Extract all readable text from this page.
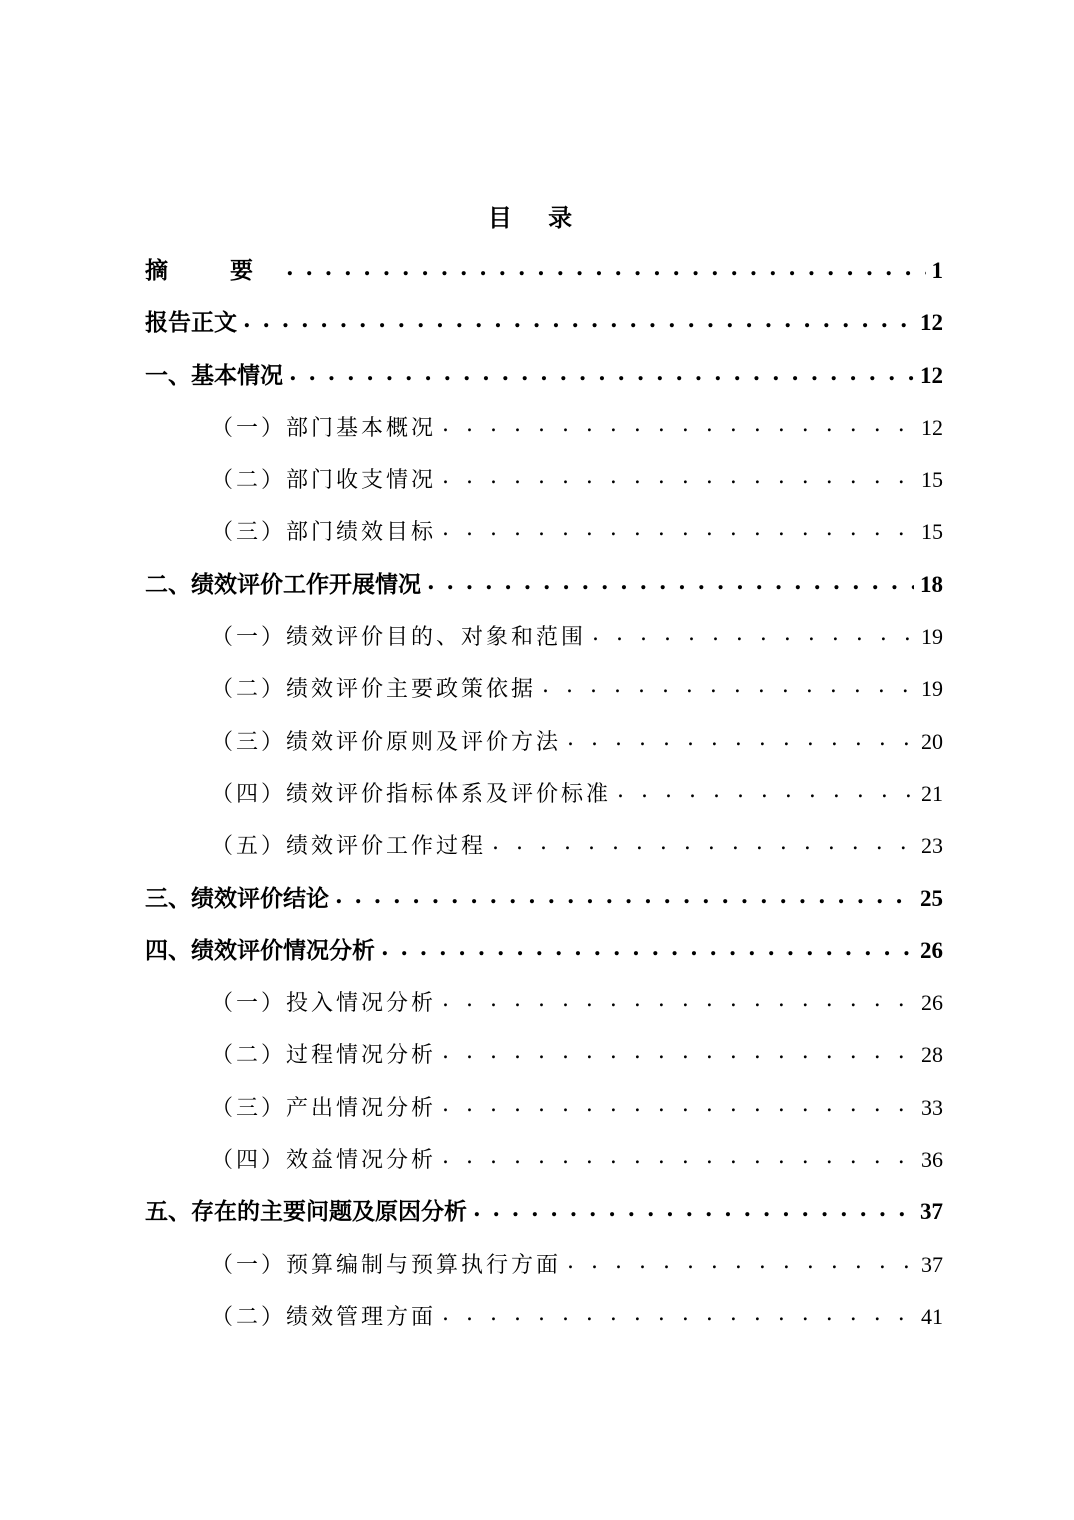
目 录
摘 要 . . .	1
报告正文 . . .	12
一、基本情况 . . .	12
（一）部门基本概况 . . .	12
（二）部门收支情况 . . .	15
（三）部门绩效目标 . . .	15
二、绩效评价工作开展情况 . . .	18
（一）绩效评价目的、对象和范围 . . .	19
（二）绩效评价主要政策依据 . . .	19
（三）绩效评价原则及评价方法 . . .	20
（四）绩效评价指标体系及评价标准 . . .	21
（五）绩效评价工作过程 . . .	23
三、绩效评价结论 . . .	25
四、绩效评价情况分析 . . .	26
（一）投入情况分析 . . .	26
（二）过程情况分析 . . .	28
（三）产出情况分析 . . .	33
（四）效益情况分析 . . .	36
五、存在的主要问题及原因分析 . . .	37
（一）预算编制与预算执行方面 . . .	37
（二）绩效管理方面 . . .	41
